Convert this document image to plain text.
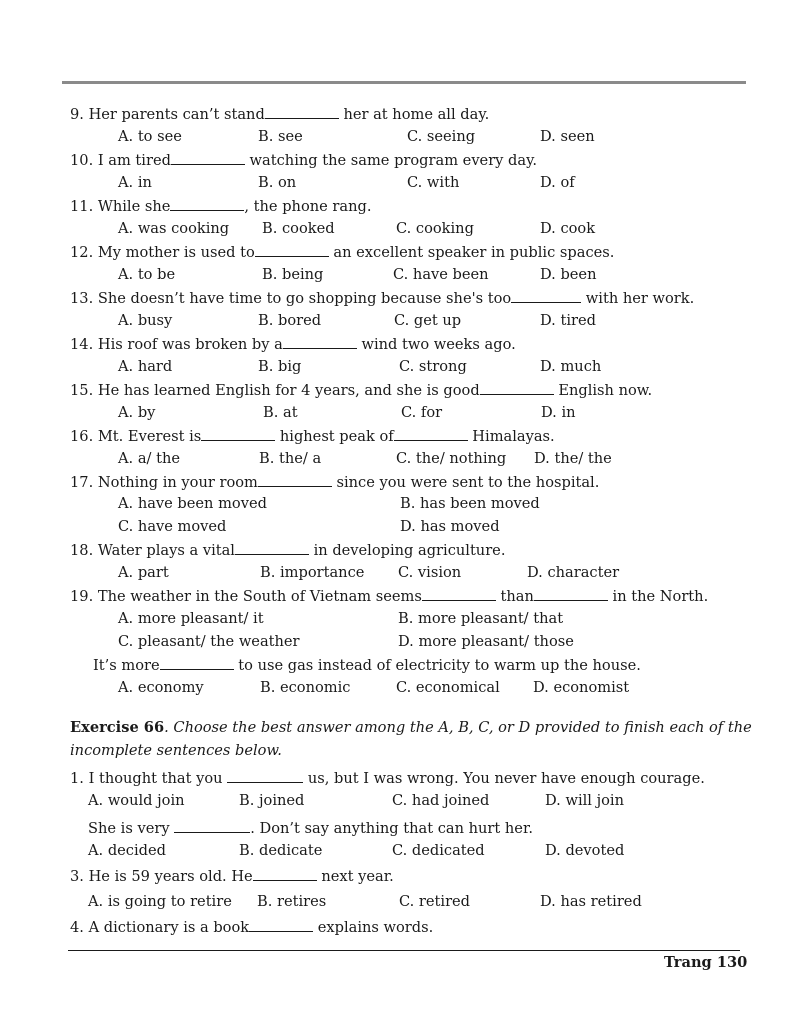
9. Her parents can’t stand	her at home all day.
A. to see	B. see	C. seeing	D. seen
10. I am tired	watching the same program every day.
A. in	B. on	C. with	D. of
11. While she	, the phone rang.
A. was cooking B. cooked	C. cooking	D. cook
12. My mother is used to	an excellent speaker in public spaces.
A. to be	B. being	C. have been	D. been
13. She doesn’t have time to go shopping because she's too	with her work.
A. busy	B. bored	C. get up	D. tired
14. His roof was broken by a	wind two weeks ago.
A. hard	B. big	C. strong	D. much
15. He has learned English for 4 years, and she is good	English now.
A. by	B. at	C. for	D. in
16. Mt. Everest is	highest peak of	Himalayas.
A. a/ the	B. the/ a	C. the/ nothing D. the/ the
17. Nothing in your room	since you were sent to the hospital.
A. have been moved	B. has been moved
C. have moved	D. has moved
18. Water plays a vital	in developing agriculture.
A. part	B. importance C. vision	D. character
19. The weather in the South of Vietnam seems	than	in the North.
A. more pleasant/ it	B. more pleasant/ that
C. pleasant/ the weather	D. more pleasant/ those
It’s more	to use gas instead of electricity to warm up the house.
A. economy	B. economic	C. economical D. economist
Exercise 66. Choose the best answer among the A, B, C, or D provided to finish each of the
incomplete sentences below.
1. I thought that you	us, but I was wrong. You never have enough courage.
A. would join	B. joined	C. had joined	D. will join
She is very	. Don’t say anything that can hurt her.
A. decided	B. dedicate	C. dedicated	D. devoted
3. He is 59 years old. He	next year.
A. is going to retire B. retires	C. retired	D. has retired
4. A dictionary is a book	explains words.
Trang 130
